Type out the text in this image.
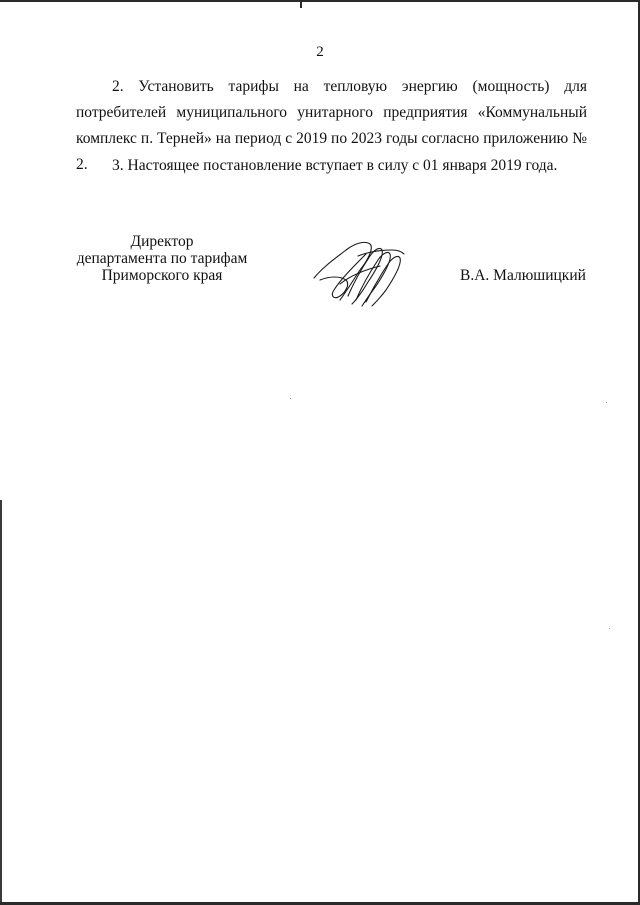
2

2. Установить тарифы на тепловую энергию (мощность) для потребителей муниципального унитарного предприятия «Коммунальный комплекс п. Терней» на период с 2019 по 2023 годы согласно приложению № 2.	3. Настоящее постановление вступает в силу с 01 января 2019 года.

Директор
департамента по тарифам
Приморского края	В.А. Малюшицкий
